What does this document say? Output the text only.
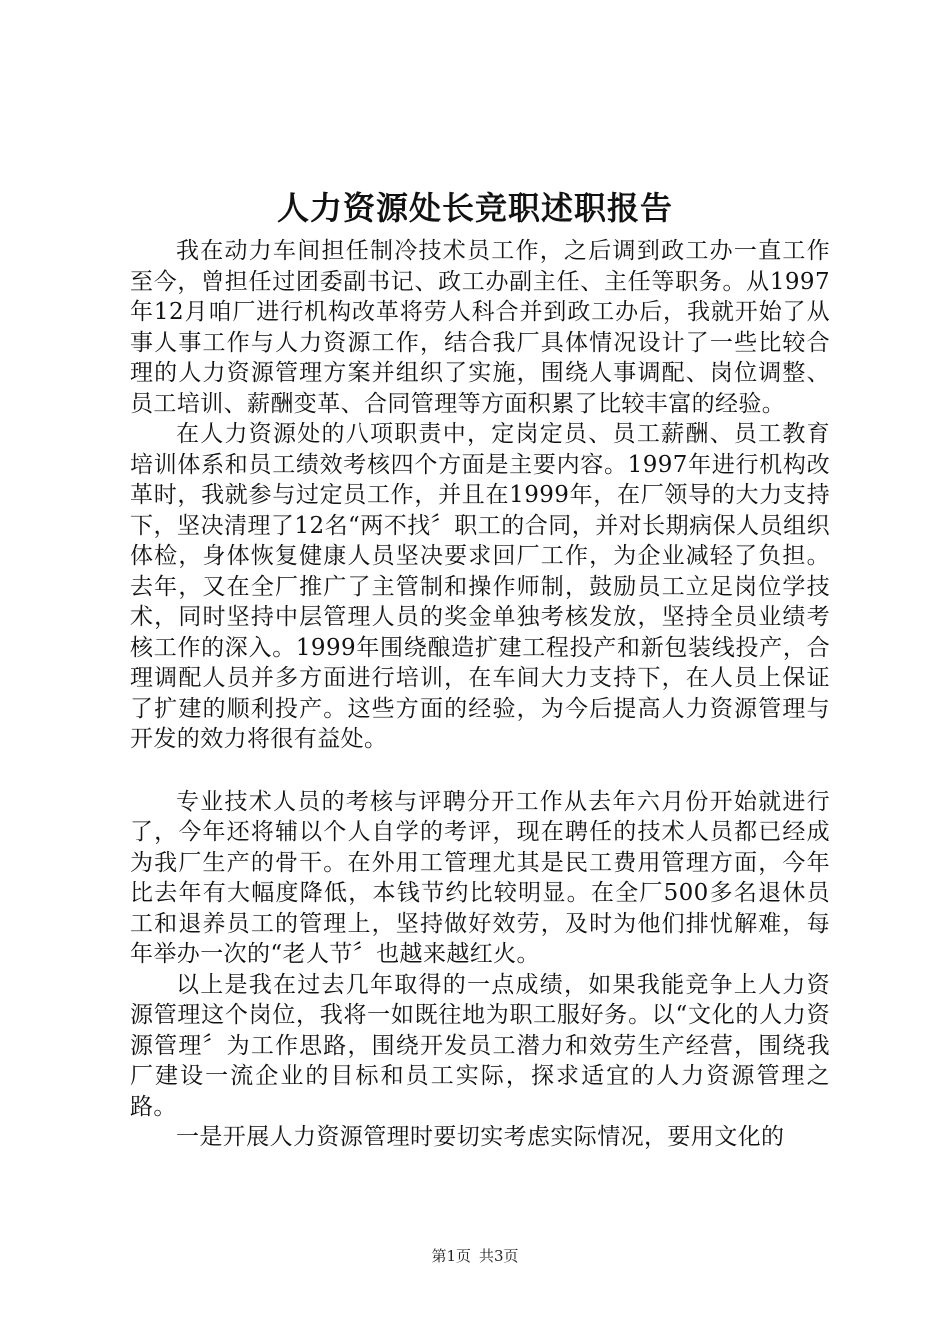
人力资源处长竞职述职报告

我在动力车间担任制冷技术员工作，之后调到政工办一直工作至今，曾担任过团委副书记、政工办副主任、主任等职务。从1997年12月咱厂进行机构改革将劳人科合并到政工办后，我就开始了从事人事工作与人力资源工作，结合我厂具体情况设计了一些比较合理的人力资源管理方案并组织了实施，围绕人事调配、岗位调整、员工培训、薪酬变革、合同管理等方面积累了比较丰富的经验。

在人力资源处的八项职责中，定岗定员、员工薪酬、员工教育培训体系和员工绩效考核四个方面是主要内容。1997年进行机构改革时，我就参与过定员工作，并且在1999年，在厂领导的大力支持下，坚决清理了12名“两不找〞职工的合同，并对长期病保人员组织体检，身体恢复健康人员坚决要求回厂工作，为企业减轻了负担。去年，又在全厂推广了主管制和操作师制，鼓励员工立足岗位学技术，同时坚持中层管理人员的奖金单独考核发放，坚持全员业绩考核工作的深入。1999年围绕酿造扩建工程投产和新包装线投产，合理调配人员并多方面进行培训，在车间大力支持下，在人员上保证了扩建的顺利投产。这些方面的经验，为今后提高人力资源管理与开发的效力将很有益处。

专业技术人员的考核与评聘分开工作从去年六月份开始就进行了，今年还将辅以个人自学的考评，现在聘任的技术人员都已经成为我厂生产的骨干。在外用工管理尤其是民工费用管理方面，今年比去年有大幅度降低，本钱节约比较明显。在全厂500多名退休员工和退养员工的管理上，坚持做好效劳，及时为他们排忧解难，每年举办一次的“老人节〞也越来越红火。

以上是我在过去几年取得的一点成绩，如果我能竞争上人力资源管理这个岗位，我将一如既往地为职工服好务。以“文化的人力资源管理〞为工作思路，围绕开发员工潜力和效劳生产经营，围绕我厂建设一流企业的目标和员工实际，探求适宜的人力资源管理之路。

一是开展人力资源管理时要切实考虑实际情况，要用文化的

第1页 共3页
